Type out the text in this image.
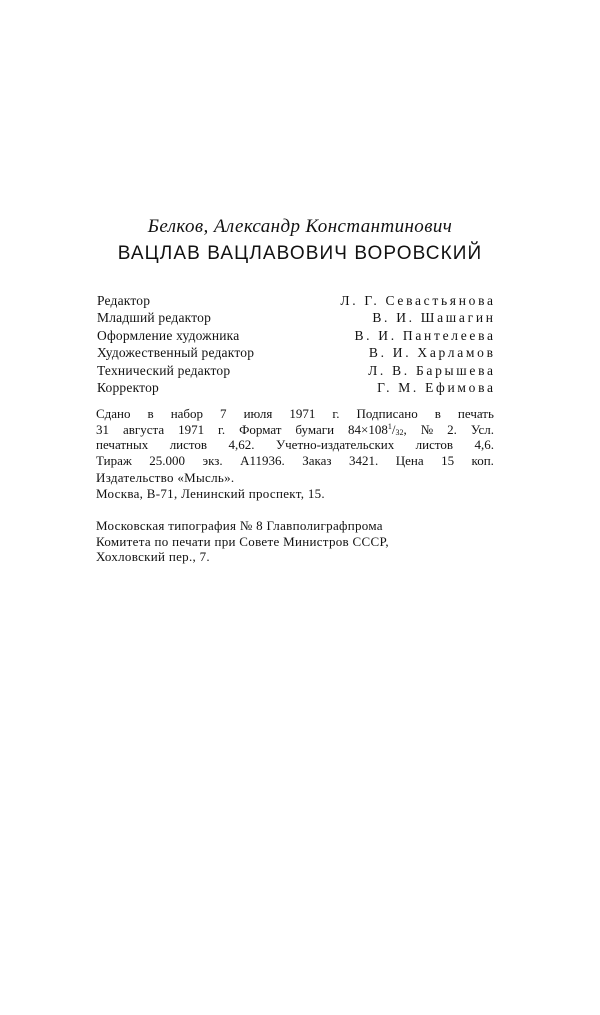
Белков, Александр Константинович
ВАЦЛАВ ВАЦЛАВОВИЧ ВОРОВСКИЙ
Редактор	Л. Г. Севастьянова
Младший редактор	В. И. Шашагин
Оформление художника	В. И. Пантелеева
Художественный редактор	В. И. Харламов
Технический редактор	Л. В. Барышева
Корректор	Г. М. Ефимова
Сдано в набор 7 июля 1971 г. Подписано в печать
31 августа 1971 г. Формат бумаги $84\times 108^1/_{32}$, № 2. Усл.
печатных листов 4,62. Учетно-издательских листов 4,6.
Тираж 25.000 экз. А11936. Заказ 3421. Цена 15 коп.
Издательство «Мысль».
Москва, В-71, Ленинский проспект, 15.
Московская типография № 8 Главполиграфпрома
Комитета по печати при Совете Министров СССР,
Хохловский пер., 7.
